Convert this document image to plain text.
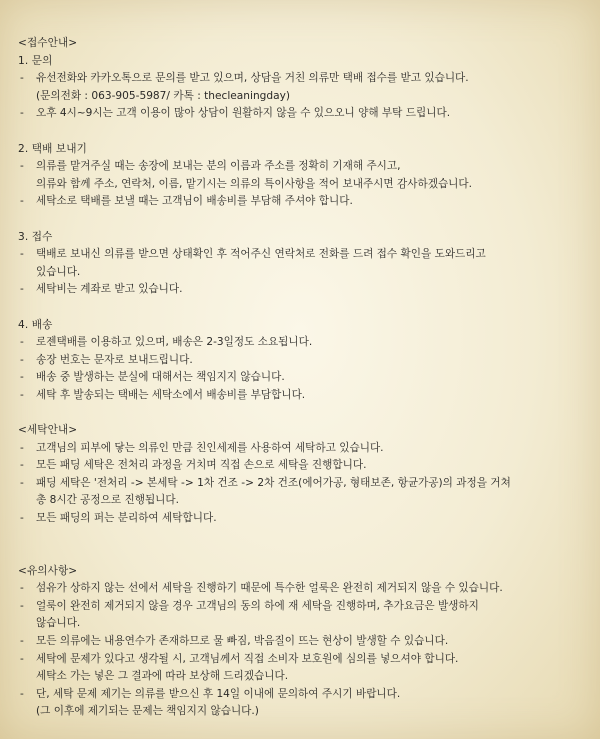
<접수안내>
1. 문의
-	유선전화와 카카오톡으로 문의를 받고 있으며, 상담을 거친 의류만 택배 접수를 받고 있습니다.
(문의전화 : 063-905-5987/ 카톡 : thecleaningday)
-	오후 4시~9시는 고객 이용이 많아 상담이 원활하지 않을 수 있으오니 양해 부탁 드립니다.
2. 택배 보내기
-	의류를 맡겨주실 때는 송장에 보내는 분의 이름과 주소를 정확히 기재해 주시고,
의류와 함께 주소, 연락처, 이름, 맡기시는 의류의 특이사항을 적어 보내주시면 감사하겠습니다.
-	세탁소로 택배를 보낼 때는 고객님이 배송비를 부담해 주셔야 합니다.
3. 접수
-	택배로 보내신 의류를 받으면 상태확인 후 적어주신 연락처로 전화를 드려 접수 확인을 도와드리고
있습니다.
-	세탁비는 계좌로 받고 있습니다.
4. 배송
-	로젠택배를 이용하고 있으며, 배송은 2-3일정도 소요됩니다.
-	송장 번호는 문자로 보내드립니다.
-	배송 중 발생하는 분실에 대해서는 책임지지 않습니다.
-	세탁 후 발송되는 택배는 세탁소에서 배송비를 부담합니다.
<세탁안내>
-	고객님의 피부에 닿는 의류인 만큼 친인세제를 사용하여 세탁하고 있습니다.
-	모든 패딩 세탁은 전처리 과정을 거치며 직접 손으로 세탁을 진행합니다.
-	패딩 세탁은 '전처리 -> 본세탁 -> 1차 건조 -> 2차 건조(에어가공, 형태보존, 항균가공)의 과정을 거쳐
총 8시간 공정으로 진행됩니다.
-	모든 패딩의 퍼는 분리하여 세탁합니다.
<유의사항>
-	섬유가 상하지 않는 선에서 세탁을 진행하기 때문에 특수한 얼룩은 완전히 제거되지 않을 수 있습니다.
-	얼룩이 완전히 제거되지 않을 경우 고객님의 동의 하에 재 세탁을 진행하며, 추가요금은 발생하지
않습니다.
-	모든 의류에는 내용연수가 존재하므로 물 빠짐, 박음질이 뜨는 현상이 발생할 수 있습니다.
-	세탁에 문제가 있다고 생각될 시, 고객님께서 직접 소비자 보호원에 심의를 넣으셔야 합니다.
세탁소 가는 넣은 그 결과에 따라 보상해 드리겠습니다.
-	단, 세탁 문제 제기는 의류를 받으신 후 14일 이내에 문의하여 주시기 바랍니다.
(그 이후에 제기되는 문제는 책임지지 않습니다.)
